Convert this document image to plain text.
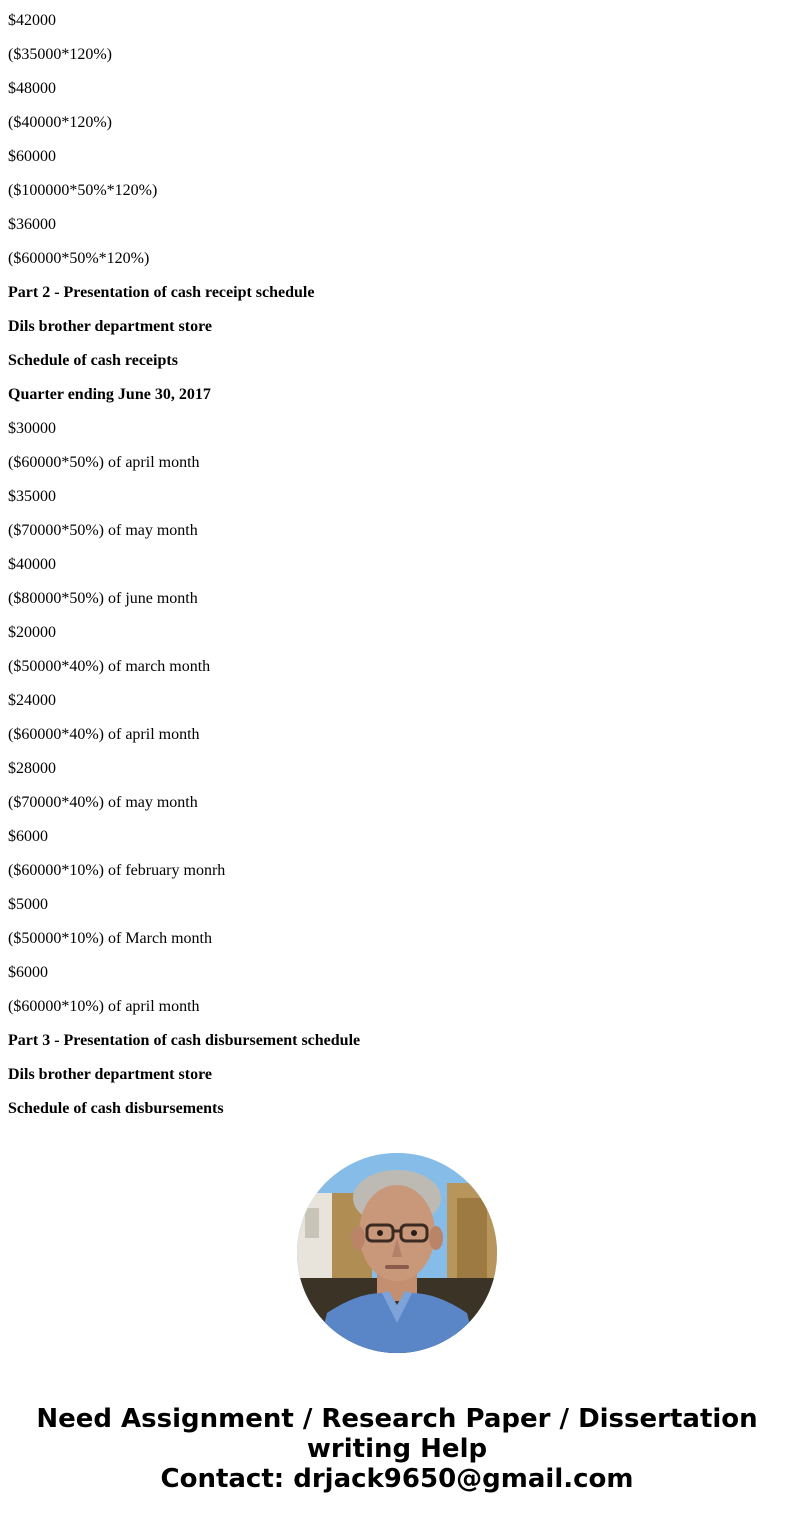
$42000
($35000*120%)
$48000
($40000*120%)
$60000
($100000*50%*120%)
$36000
($60000*50%*120%)
Part 2 - Presentation of cash receipt schedule
Dils brother department store
Schedule of cash receipts
Quarter ending June 30, 2017
$30000
($60000*50%) of april month
$35000
($70000*50%) of may month
$40000
($80000*50%) of june month
$20000
($50000*40%) of march month
$24000
($60000*40%) of april month
$28000
($70000*40%) of may month
$6000
($60000*10%) of february monrh
$5000
($50000*10%) of March month
$6000
($60000*10%) of april month
Part 3 - Presentation of cash disbursement schedule
Dils brother department store
Schedule of cash disbursements
Need Assignment / Research Paper / Dissertation
writing Help
Contact: drjack9650@gmail.com
